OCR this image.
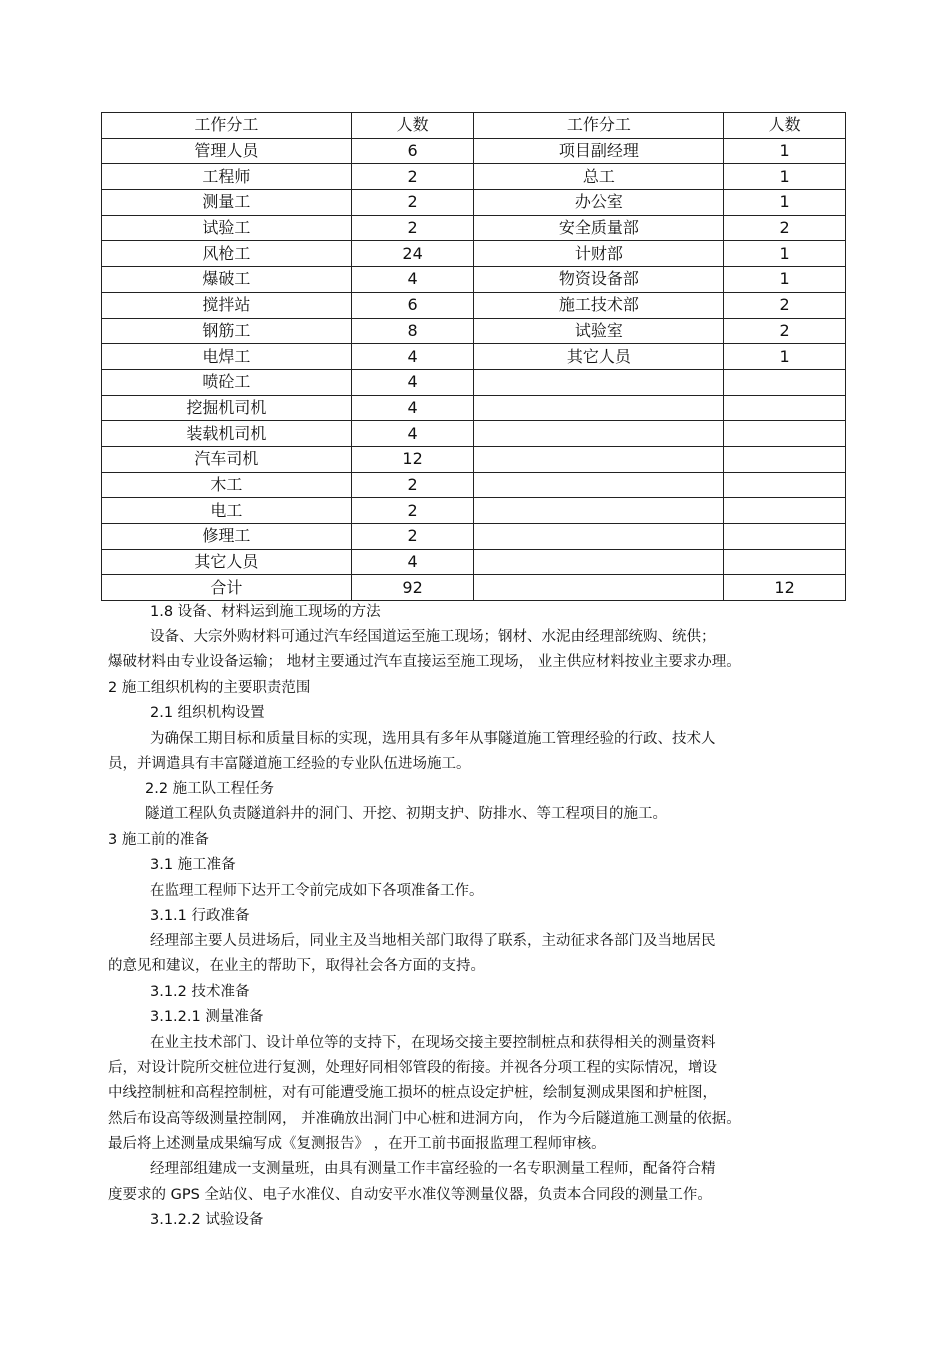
工作分工	人数	工作分工	人数
管理人员	6	项目副经理	1
工程师	2	总工	1
测量工	2	办公室	1
试验工	2	安全质量部	2
风枪工	24	计财部	1
爆破工	4	物资设备部	1
搅拌站	6	施工技术部	2
钢筋工	8	试验室	2
电焊工	4	其它人员	1
喷砼工	4		
挖掘机司机	4		
装载机司机	4		
汽车司机	12		
木工	2		
电工	2		
修理工	2		
其它人员	4		
合计	92		12
1.8 设备、材料运到施工现场的方法
设备、大宗外购材料可通过汽车经国道运至施工现场；钢材、水泥由经理部统购、统供；
爆破材料由专业设备运输； 地材主要通过汽车直接运至施工现场， 业主供应材料按业主要求办理。
2 施工组织机构的主要职责范围
2.1 组织机构设置
为确保工期目标和质量目标的实现，选用具有多年从事隧道施工管理经验的行政、技术人
员，并调遣具有丰富隧道施工经验的专业队伍进场施工。
2.2 施工队工程任务
隧道工程队负责隧道斜井的洞门、开挖、初期支护、防排水、等工程项目的施工。
3 施工前的准备
3.1 施工准备
在监理工程师下达开工令前完成如下各项准备工作。
3.1.1 行政准备
经理部主要人员进场后，同业主及当地相关部门取得了联系，主动征求各部门及当地居民
的意见和建议，在业主的帮助下，取得社会各方面的支持。
3.1.2 技术准备
3.1.2.1 测量准备
在业主技术部门、设计单位等的支持下，在现场交接主要控制桩点和获得相关的测量资料
后，对设计院所交桩位进行复测，处理好同相邻管段的衔接。并视各分项工程的实际情况，增设
中线控制桩和高程控制桩，对有可能遭受施工损坏的桩点设定护桩，绘制复测成果图和护桩图，
然后布设高等级测量控制网， 并准确放出洞门中心桩和进洞方向， 作为今后隧道施工测量的依据。
最后将上述测量成果编写成《复测报告》 ，在开工前书面报监理工程师审核。
经理部组建成一支测量班，由具有测量工作丰富经验的一名专职测量工程师，配备符合精
度要求的 GPS 全站仪、电子水准仪、自动安平水准仪等测量仪器，负责本合同段的测量工作。
3.1.2.2 试验设备
